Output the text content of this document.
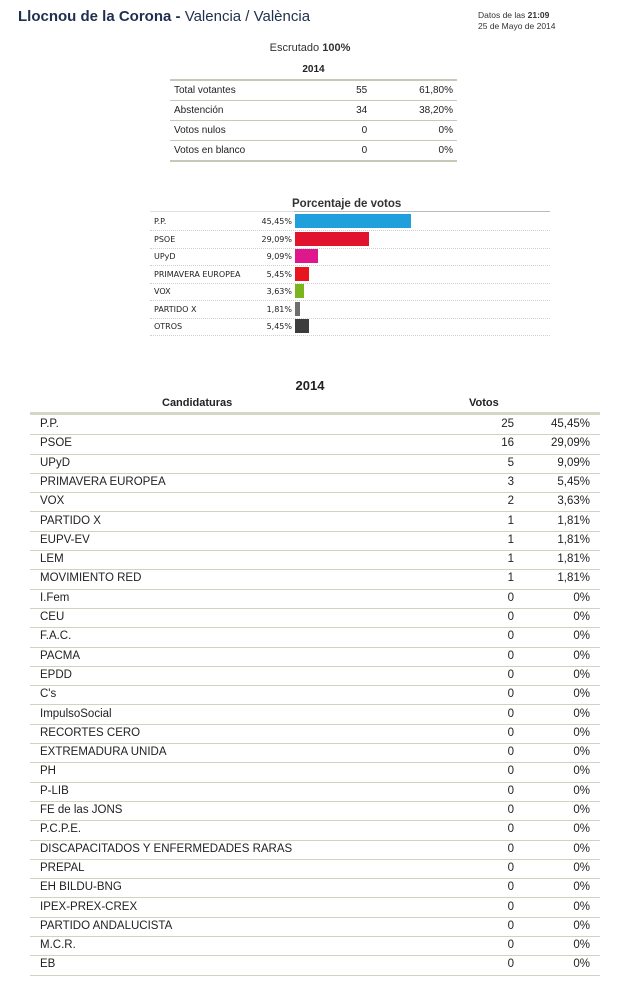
Llocnou de la Corona - Valencia / València	Datos de las 21:09
25 de Mayo de 2014
Escrutado 100%
2014		
Total votantes	55	61,80%
Abstención	34	38,20%
Votos nulos	0	0%
Votos en blanco	0	0%
Porcentaje de votos
P.P.	45,45%
PSOE	29,09%
UPyD	9,09%
PRIMAVERA EUROPEA	5,45%
VOX	3,63%
PARTIDO X	1,81%
OTROS	5,45%
2014
Candidaturas	Votos
P.P.	25	45,45%
PSOE	16	29,09%
UPyD	5	9,09%
PRIMAVERA EUROPEA	3	5,45%
VOX	2	3,63%
PARTIDO X	1	1,81%
EUPV-EV	1	1,81%
LEM	1	1,81%
MOVIMIENTO RED	1	1,81%
I.Fem	0	0%
CEU	0	0%
F.A.C.	0	0%
PACMA	0	0%
EPDD	0	0%
C's	0	0%
ImpulsoSocial	0	0%
RECORTES CERO	0	0%
EXTREMADURA UNIDA	0	0%
PH	0	0%
P-LIB	0	0%
FE de las JONS	0	0%
P.C.P.E.	0	0%
DISCAPACITADOS Y ENFERMEDADES RARAS	0	0%
PREPAL	0	0%
EH BILDU-BNG	0	0%
IPEX-PREX-CREX	0	0%
PARTIDO ANDALUCISTA	0	0%
M.C.R.	0	0%
EB	0	0%
